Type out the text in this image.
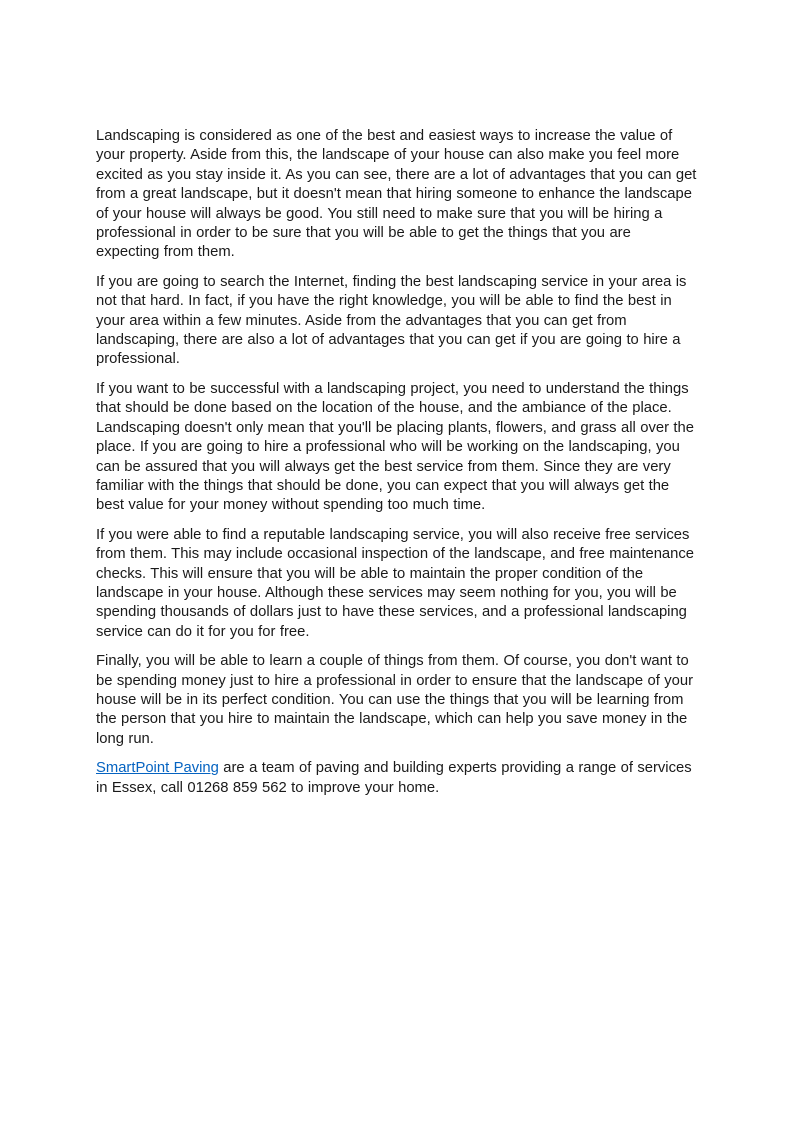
Landscaping is considered as one of the best and easiest ways to increase the value of your property. Aside from this, the landscape of your house can also make you feel more excited as you stay inside it. As you can see, there are a lot of advantages that you can get from a great landscape, but it doesn't mean that hiring someone to enhance the landscape of your house will always be good. You still need to make sure that you will be hiring a professional in order to be sure that you will be able to get the things that you are expecting from them.

If you are going to search the Internet, finding the best landscaping service in your area is not that hard. In fact, if you have the right knowledge, you will be able to find the best in your area within a few minutes. Aside from the advantages that you can get from landscaping, there are also a lot of advantages that you can get if you are going to hire a professional.

If you want to be successful with a landscaping project, you need to understand the things that should be done based on the location of the house, and the ambiance of the place. Landscaping doesn't only mean that you'll be placing plants, flowers, and grass all over the place. If you are going to hire a professional who will be working on the landscaping, you can be assured that you will always get the best service from them. Since they are very familiar with the things that should be done, you can expect that you will always get the best value for your money without spending too much time.

If you were able to find a reputable landscaping service, you will also receive free services from them. This may include occasional inspection of the landscape, and free maintenance checks. This will ensure that you will be able to maintain the proper condition of the landscape in your house. Although these services may seem nothing for you, you will be spending thousands of dollars just to have these services, and a professional landscaping service can do it for you for free.

Finally, you will be able to learn a couple of things from them. Of course, you don't want to be spending money just to hire a professional in order to ensure that the landscape of your house will be in its perfect condition. You can use the things that you will be learning from the person that you hire to maintain the landscape, which can help you save money in the long run.

SmartPoint Paving are a team of paving and building experts providing a range of services in Essex, call 01268 859 562 to improve your home.
